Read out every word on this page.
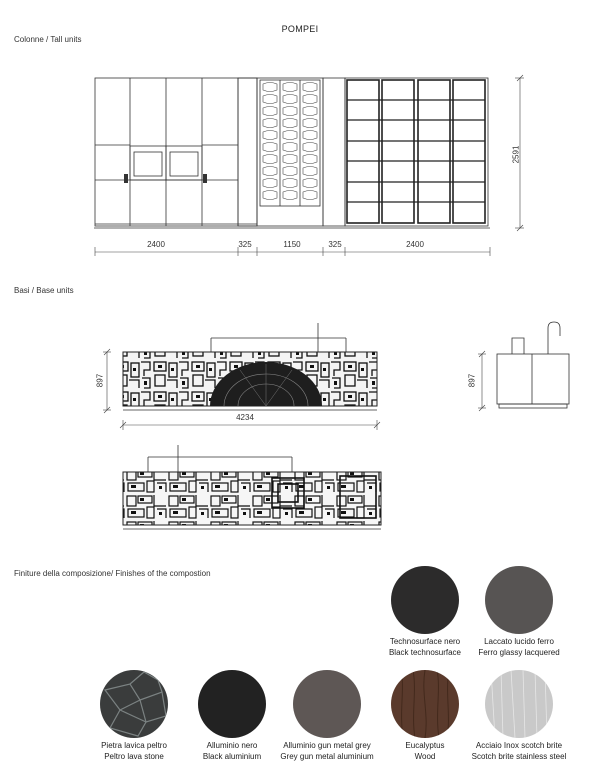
POMPEI
Colonne / Tall units
2591
2400	325	1150	325	2400
Basi / Base units
897	897
4234
Finiture della composizione/ Finishes of the compostion
Technosurface nero
Black technosurface
Laccato lucido ferro
Ferro glassy lacquered
Pietra lavica peltro
Peltro lava stone
Alluminio nero
Black aluminium
Alluminio gun metal grey
Grey gun metal aluminium
Eucalyptus
Wood
Acciaio Inox scotch brite
Scotch brite stainless steel
